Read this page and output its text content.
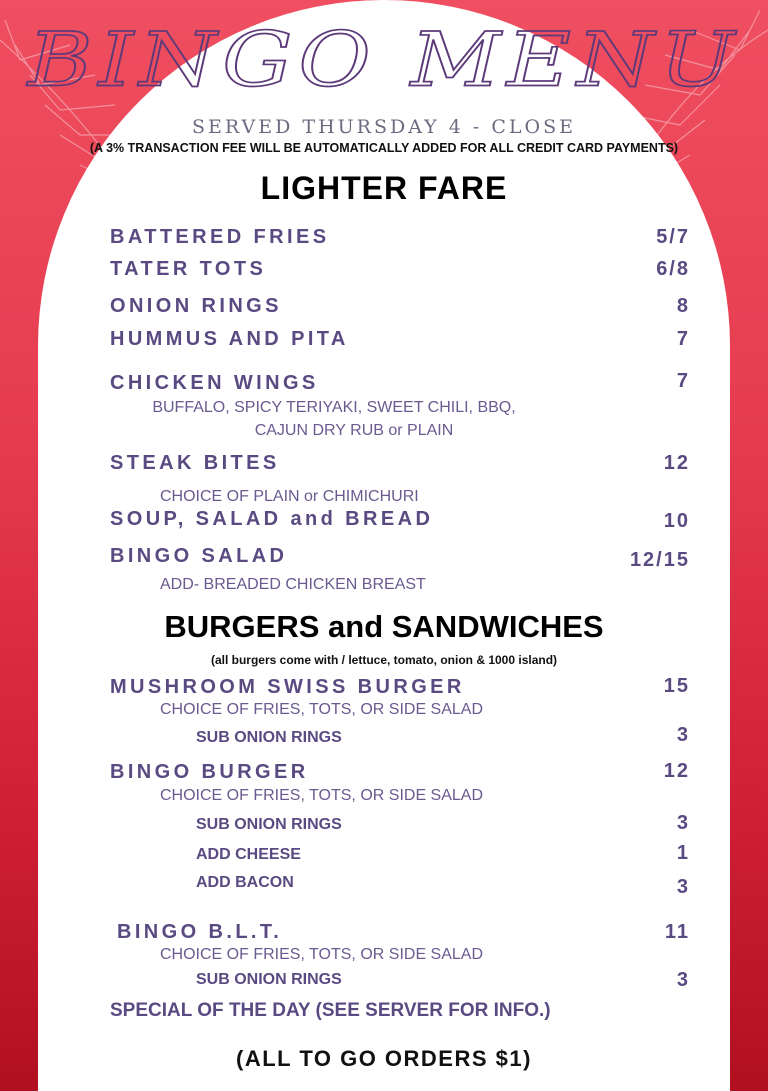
BINGO MENU
SERVED THURSDAY 4 - CLOSE
(A 3% TRANSACTION FEE WILL BE AUTOMATICALLY ADDED FOR ALL CREDIT CARD PAYMENTS)
LIGHTER FARE
BATTERED FRIES	5/7
TATER TOTS	6/8
ONION RINGS	8
HUMMUS AND PITA	7
CHICKEN WINGS	7
BUFFALO, SPICY TERIYAKI, SWEET CHILI, BBQ,
CAJUN DRY RUB or PLAIN
STEAK BITES	12
CHOICE OF PLAIN or CHIMICHURI
SOUP, SALAD and BREAD	10
BINGO SALAD	12/15
ADD- BREADED CHICKEN BREAST
BURGERS and SANDWICHES
(all burgers come with / lettuce, tomato, onion & 1000 island)
MUSHROOM SWISS BURGER	15
CHOICE OF FRIES, TOTS, OR SIDE SALAD
SUB ONION RINGS	3
BINGO BURGER	12
CHOICE OF FRIES, TOTS, OR SIDE SALAD
SUB ONION RINGS	3
ADD CHEESE	1
ADD BACON	3
BINGO B.L.T.	11
CHOICE OF FRIES, TOTS, OR SIDE SALAD
SUB ONION RINGS	3
SPECIAL OF THE DAY (SEE SERVER FOR INFO.)
(ALL TO GO ORDERS $1)
